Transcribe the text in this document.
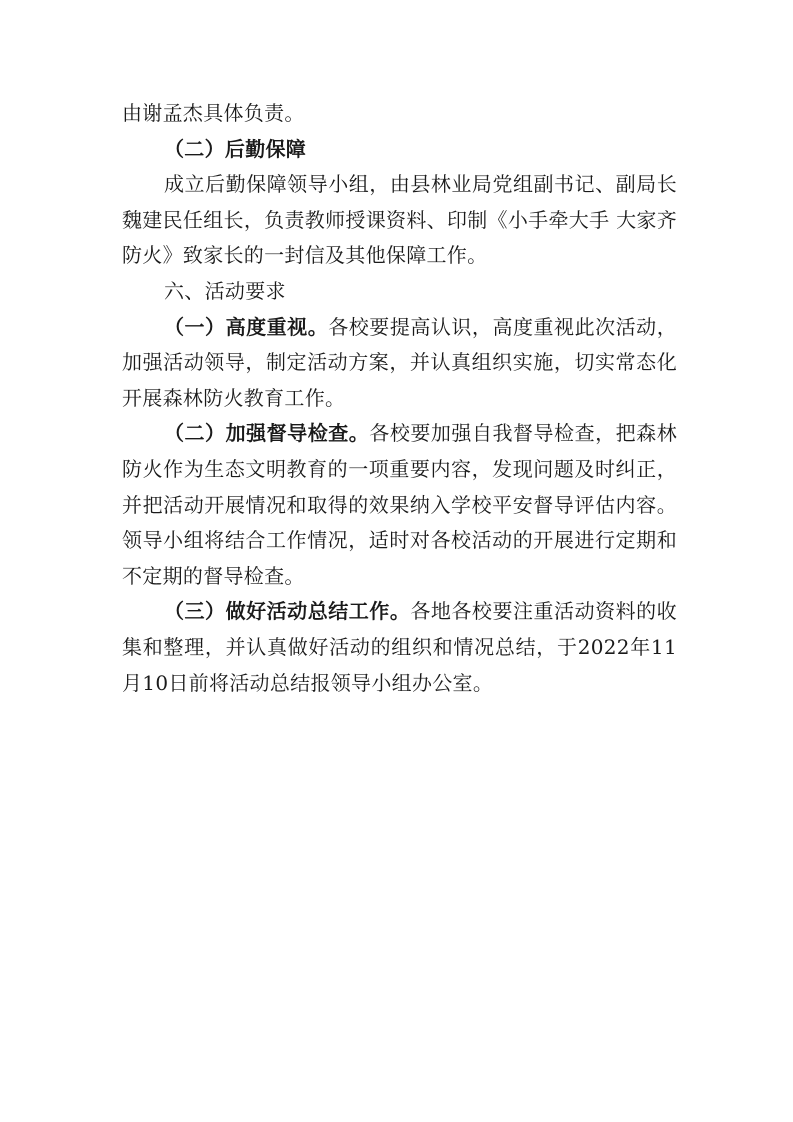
由谢孟杰具体负责。

（二）后勤保障

成立后勤保障领导小组，由县林业局党组副书记、副局长魏建民任组长，负责教师授课资料、印制《小手牵大手 大家齐防火》致家长的一封信及其他保障工作。

六、活动要求

（一）高度重视。各校要提高认识，高度重视此次活动，加强活动领导，制定活动方案，并认真组织实施，切实常态化开展森林防火教育工作。

（二）加强督导检查。各校要加强自我督导检查，把森林防火作为生态文明教育的一项重要内容，发现问题及时纠正，并把活动开展情况和取得的效果纳入学校平安督导评估内容。领导小组将结合工作情况，适时对各校活动的开展进行定期和不定期的督导检查。

（三）做好活动总结工作。各地各校要注重活动资料的收集和整理，并认真做好活动的组织和情况总结，于2022年11月10日前将活动总结报领导小组办公室。
